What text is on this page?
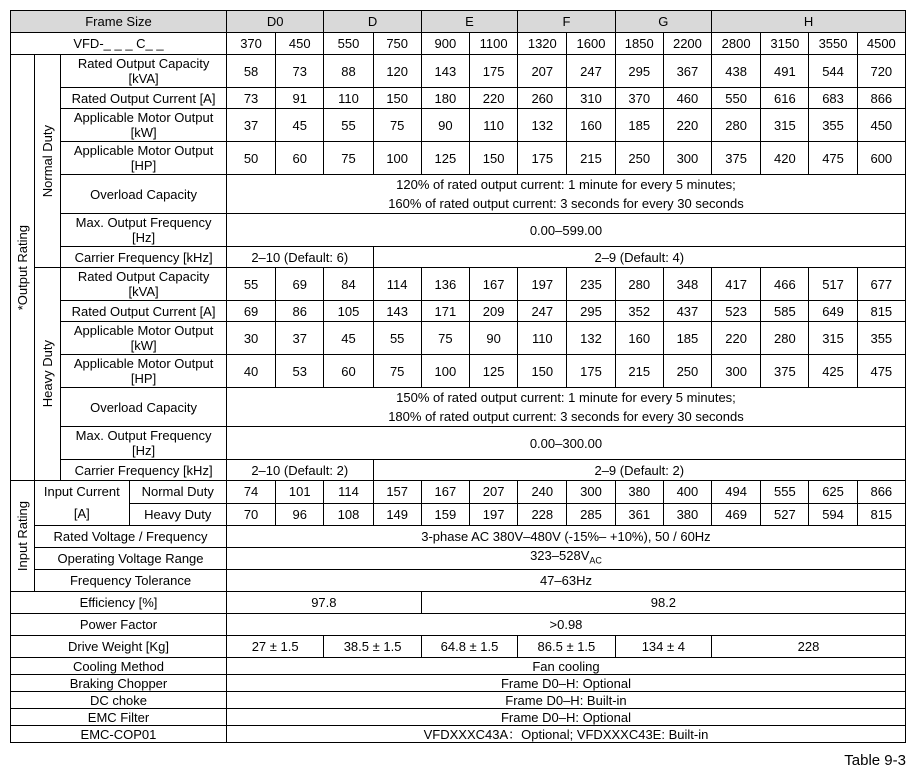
Frame Size				D0		D		E		F		G		H			
VFD-_ _ _ C_ _				370	450	550	750	900	1100	1320	1600	1850	2200	2800	3150	3550	4500

*Output Rating	Normal Duty	Rated Output Capacity
[kVA]		58	73	88	120	143	175	207	247	295	367	438	491	544	720
		Rated Output Current [A]		73	91	110	150	180	220	260	310	370	460	550	616	683	866
		Applicable Motor Output
[kW]		37	45	55	75	90	110	132	160	185	220	280	315	355	450
		Applicable Motor Output
[HP]		50	60	75	100	125	150	175	215	250	300	375	420	475	600
		Overload Capacity		120% of rated output current: 1 minute for every 5 minutes;
160% of rated output current: 3 seconds for every 30 seconds													
		Max. Output Frequency
[Hz]		0.00–599.00													
		Carrier Frequency [kHz]		2–10 (Default: 6)			2–9 (Default: 4)										

	Heavy Duty	Rated Output Capacity
[kVA]		55	69	84	114	136	167	197	235	280	348	417	466	517	677
		Rated Output Current [A]		69	86	105	143	171	209	247	295	352	437	523	585	649	815
		Applicable Motor Output
[kW]		30	37	45	55	75	90	110	132	160	185	220	280	315	355
		Applicable Motor Output
[HP]		40	53	60	75	100	125	150	175	215	250	300	375	425	475
		Overload Capacity		150% of rated output current: 1 minute for every 5 minutes;
180% of rated output current: 3 seconds for every 30 seconds													
		Max. Output Frequency
[Hz]		0.00–300.00													
		Carrier Frequency [kHz]		2–10 (Default: 2)			2–9 (Default: 2)										

Input Rating	Input Current
[A]		Normal Duty	74	101	114	157	167	207	240	300	380	400	494	555	625	866
			Heavy Duty	70	96	108	149	159	197	228	285	361	380	469	527	594	815
	Rated Voltage / Frequency			3-phase AC 380V–480V (-15%– +10%), 50 / 60Hz													
	Operating Voltage Range			$323-528V_{AC}$
	Frequency Tolerance			47–63Hz													
Efficiency [%]				97.8				98.2									
Power Factor				>0.98													
Drive Weight [Kg]				27 ± 1.5		38.5 ± 1.5		64.8 ± 1.5		86.5 ± 1.5		134 ± 4		228			
Cooling Method				Fan cooling													
Braking Chopper				Frame D0–H: Optional													
DC choke				Frame D0–H: Built-in													
EMC Filter				Frame D0–H: Optional													
EMC-COP01				VFDXXXC43A：Optional; VFDXXXC43E: Built-in													
Table 9-3
